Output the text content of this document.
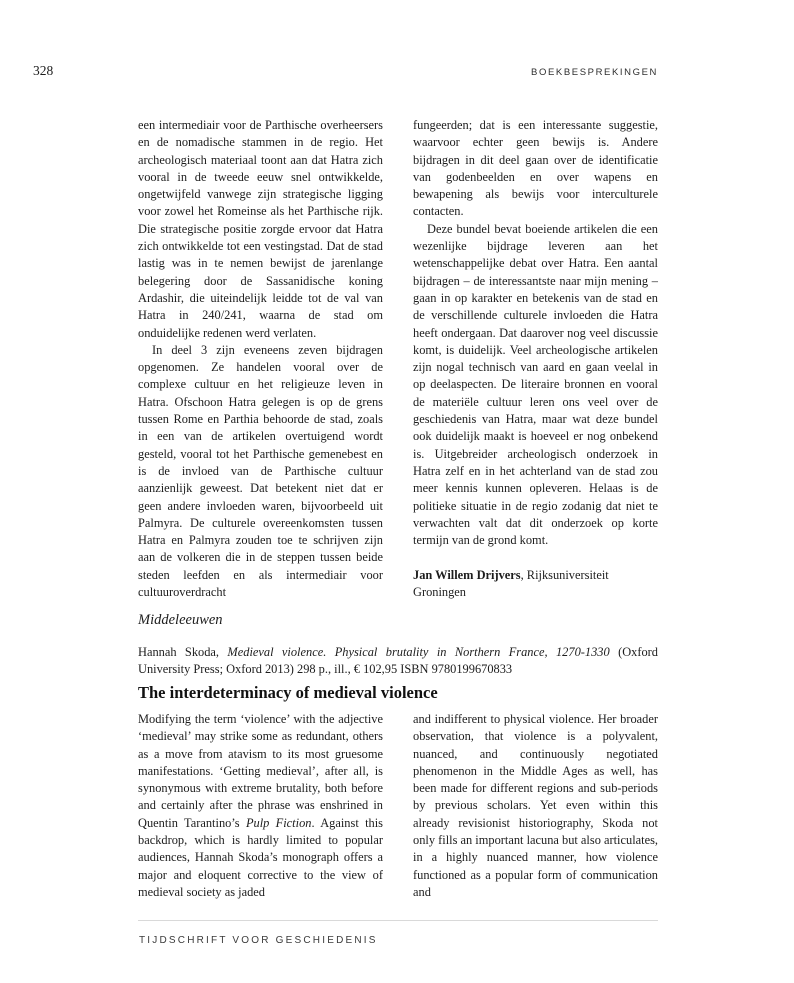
328	BOEKBESPREKINGEN

een intermediair voor de Parthische overheersers en de nomadische stammen in de regio. Het archeologisch materiaal toont aan dat Hatra zich vooral in de tweede eeuw snel ontwikkelde, ongetwijfeld vanwege zijn strategische ligging voor zowel het Romeinse als het Parthische rijk. Die strategische positie zorgde ervoor dat Hatra zich ontwikkelde tot een vestingstad. Dat de stad lastig was in te nemen bewijst de jarenlange belegering door de Sassanidische koning Ardashir, die uiteindelijk leidde tot de val van Hatra in 240/241, waarna de stad om onduidelijke redenen werd verlaten.

In deel 3 zijn eveneens zeven bijdragen opgenomen. Ze handelen vooral over de complexe cultuur en het religieuze leven in Hatra. Ofschoon Hatra gelegen is op de grens tussen Rome en Parthia behoorde de stad, zoals in een van de artikelen overtuigend wordt gesteld, vooral tot het Parthische gemenebest en is de invloed van de Parthische cultuur aanzienlijk geweest. Dat betekent niet dat er geen andere invloeden waren, bijvoorbeeld uit Palmyra. De culturele overeenkomsten tussen Hatra en Palmyra zouden toe te schrijven zijn aan de volkeren die in de steppen tussen beide steden leefden en als intermediair voor cultuuroverdracht

fungeerden; dat is een interessante suggestie, waarvoor echter geen bewijs is. Andere bijdragen in dit deel gaan over de identificatie van godenbeelden en over wapens en bewapening als bewijs voor interculturele contacten.

Deze bundel bevat boeiende artikelen die een wezenlijke bijdrage leveren aan het wetenschappelijke debat over Hatra. Een aantal bijdragen – de interessantste naar mijn mening – gaan in op karakter en betekenis van de stad en de verschillende culturele invloeden die Hatra heeft ondergaan. Dat daarover nog veel discussie komt, is duidelijk. Veel archeologische artikelen zijn nogal technisch van aard en gaan veelal in op deelaspecten. De literaire bronnen en vooral de materiële cultuur leren ons veel over de geschiedenis van Hatra, maar wat deze bundel ook duidelijk maakt is hoeveel er nog onbekend is. Uitgebreider archeologisch onderzoek in Hatra zelf en in het achterland van de stad zou meer kennis kunnen opleveren. Helaas is de politieke situatie in de regio zodanig dat niet te verwachten valt dat dit onderzoek op korte termijn van de grond komt.

Jan Willem Drijvers, Rijksuniversiteit Groningen

Middeleeuwen

Hannah Skoda, Medieval violence. Physical brutality in Northern France, 1270-1330 (Oxford University Press; Oxford 2013) 298 p., ill., € 102,95 ISBN 9780199670833

The interdeterminacy of medieval violence

Modifying the term ‘violence’ with the adjective ‘medieval’ may strike some as redundant, others as a move from atavism to its most gruesome manifestations. ‘Getting medieval’, after all, is synonymous with extreme brutality, both before and certainly after the phrase was enshrined in Quentin Tarantino’s Pulp Fiction. Against this backdrop, which is hardly limited to popular audiences, Hannah Skoda’s monograph offers a major and eloquent corrective to the view of medieval society as jaded

and indifferent to physical violence. Her broader observation, that violence is a polyvalent, nuanced, and continuously negotiated phenomenon in the Middle Ages as well, has been made for different regions and sub-periods by previous scholars. Yet even within this already revisionist historiography, Skoda not only fills an important lacuna but also articulates, in a highly nuanced manner, how violence functioned as a popular form of communication and

TIJDSCHRIFT VOOR GESCHIEDENIS
